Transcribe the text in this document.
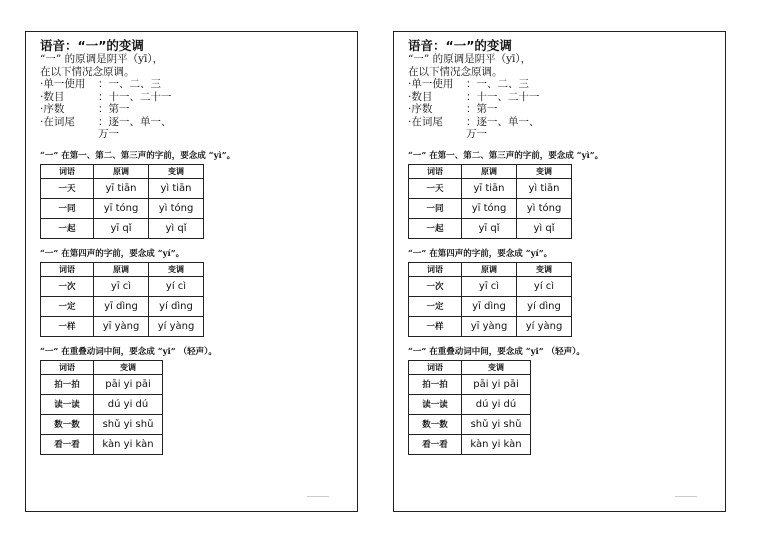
语音：“一”的变调
“一” 的原调是阴平（yī），
在以下情况念原调。
·单一使用	：一、二、三
·数目	：十一、二十一
·序数	：第一
·在词尾	：逐一、单一、
万一
“一” 在第一、第二、第三声的字前，要念成 “yì”。
词语	原调	变调
一天	yī tiān	yì tiān
一同	yī tóng	yì tóng
一起	yī qǐ	yì qǐ
“一” 在第四声的字前，要念成 “yí”。
词语	原调	变调
一次	yī cì	yí cì
一定	yī dìng	yí dìng
一样	yī yàng	yí yàng
“一” 在重叠动词中间，要念成 “yi” （轻声）。
词语	变调
拍一拍	pāi yi pāi
读一读	dú yi dú
数一数	shǔ yi shǔ
看一看	kàn yi kàn
语音：“一”的变调
“一” 的原调是阴平（yī），
在以下情况念原调。
·单一使用	：一、二、三
·数目	：十一、二十一
·序数	：第一
·在词尾	：逐一、单一、
万一
“一” 在第一、第二、第三声的字前，要念成 “yì”。
词语	原调	变调
一天	yī tiān	yì tiān
一同	yī tóng	yì tóng
一起	yī qǐ	yì qǐ
“一” 在第四声的字前，要念成 “yí”。
词语	原调	变调
一次	yī cì	yí cì
一定	yī dìng	yí dìng
一样	yī yàng	yí yàng
“一” 在重叠动词中间，要念成 “yi” （轻声）。
词语	变调
拍一拍	pāi yi pāi
读一读	dú yi dú
数一数	shǔ yi shǔ
看一看	kàn yi kàn
